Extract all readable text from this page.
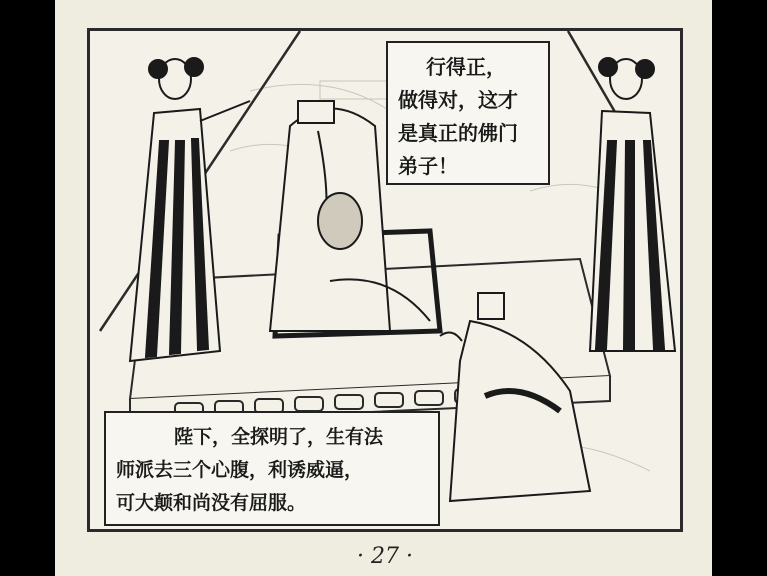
行得正，
做得对，这才
是真正的佛门
弟子！
陛下，全探明了，生有法
师派去三个心腹，利诱威逼，
可大颠和尚没有屈服。
· 27 ·
